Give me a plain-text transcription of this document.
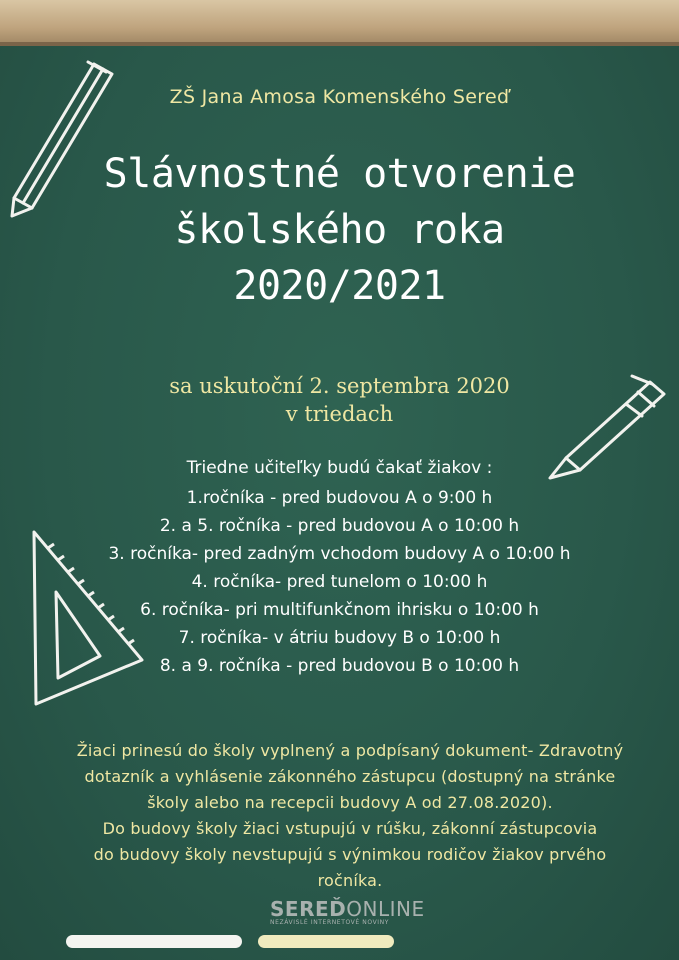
ZŠ Jana Amosa Komenského Sereď
Slávnostné otvorenie
školského roka
2020/2021
sa uskutoční 2. septembra 2020
v triedach
Triedne učiteľky budú čakať žiakov :
1.ročníka - pred budovou A o 9:00 h
2. a 5. ročníka - pred budovou A o 10:00 h
3. ročníka- pred zadným vchodom budovy A o 10:00 h
4. ročníka- pred tunelom o 10:00 h
6. ročníka- pri multifunkčnom ihrisku o 10:00 h
7. ročníka- v átriu budovy B o 10:00 h
8. a 9. ročníka - pred budovou B o 10:00 h
Žiaci prinesú do školy vyplnený a podpísaný dokument- Zdravotný
dotazník a vyhlásenie zákonného zástupcu (dostupný na stránke
školy alebo na recepcii budovy A od 27.08.2020).
Do budovy školy žiaci vstupujú v rúšku, zákonní zástupcovia
do budovy školy nevstupujú s výnimkou rodičov žiakov prvého
ročníka.
SEREĎONLINE
NEZÁVISLÉ INTERNETOVÉ NOVINY
